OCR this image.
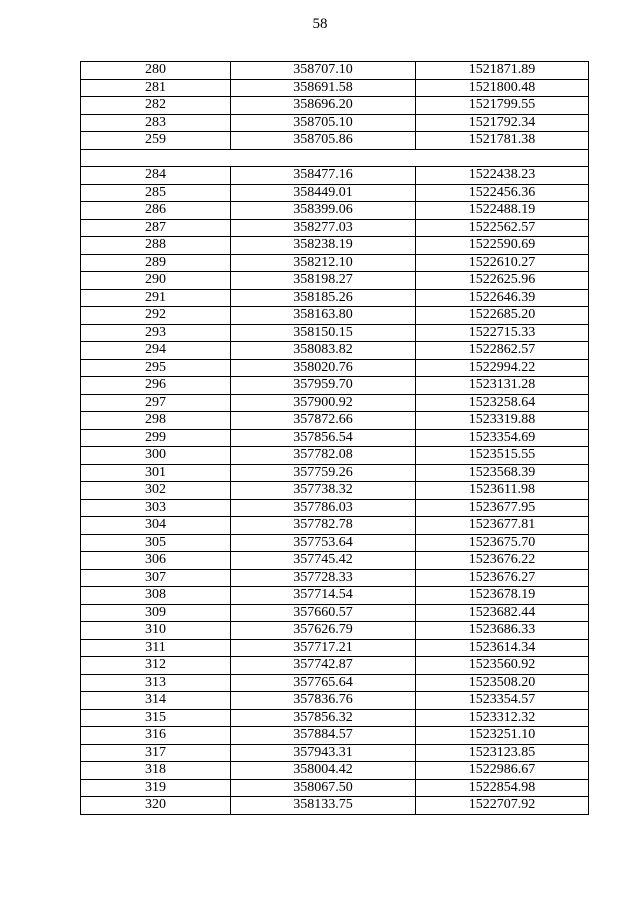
58
280	358707.10	1521871.89
281	358691.58	1521800.48
282	358696.20	1521799.55
283	358705.10	1521792.34
259	358705.86	1521781.38

284	358477.16	1522438.23
285	358449.01	1522456.36
286	358399.06	1522488.19
287	358277.03	1522562.57
288	358238.19	1522590.69
289	358212.10	1522610.27
290	358198.27	1522625.96
291	358185.26	1522646.39
292	358163.80	1522685.20
293	358150.15	1522715.33
294	358083.82	1522862.57
295	358020.76	1522994.22
296	357959.70	1523131.28
297	357900.92	1523258.64
298	357872.66	1523319.88
299	357856.54	1523354.69
300	357782.08	1523515.55
301	357759.26	1523568.39
302	357738.32	1523611.98
303	357786.03	1523677.95
304	357782.78	1523677.81
305	357753.64	1523675.70
306	357745.42	1523676.22
307	357728.33	1523676.27
308	357714.54	1523678.19
309	357660.57	1523682.44
310	357626.79	1523686.33
311	357717.21	1523614.34
312	357742.87	1523560.92
313	357765.64	1523508.20
314	357836.76	1523354.57
315	357856.32	1523312.32
316	357884.57	1523251.10
317	357943.31	1523123.85
318	358004.42	1522986.67
319	358067.50	1522854.98
320	358133.75	1522707.92
